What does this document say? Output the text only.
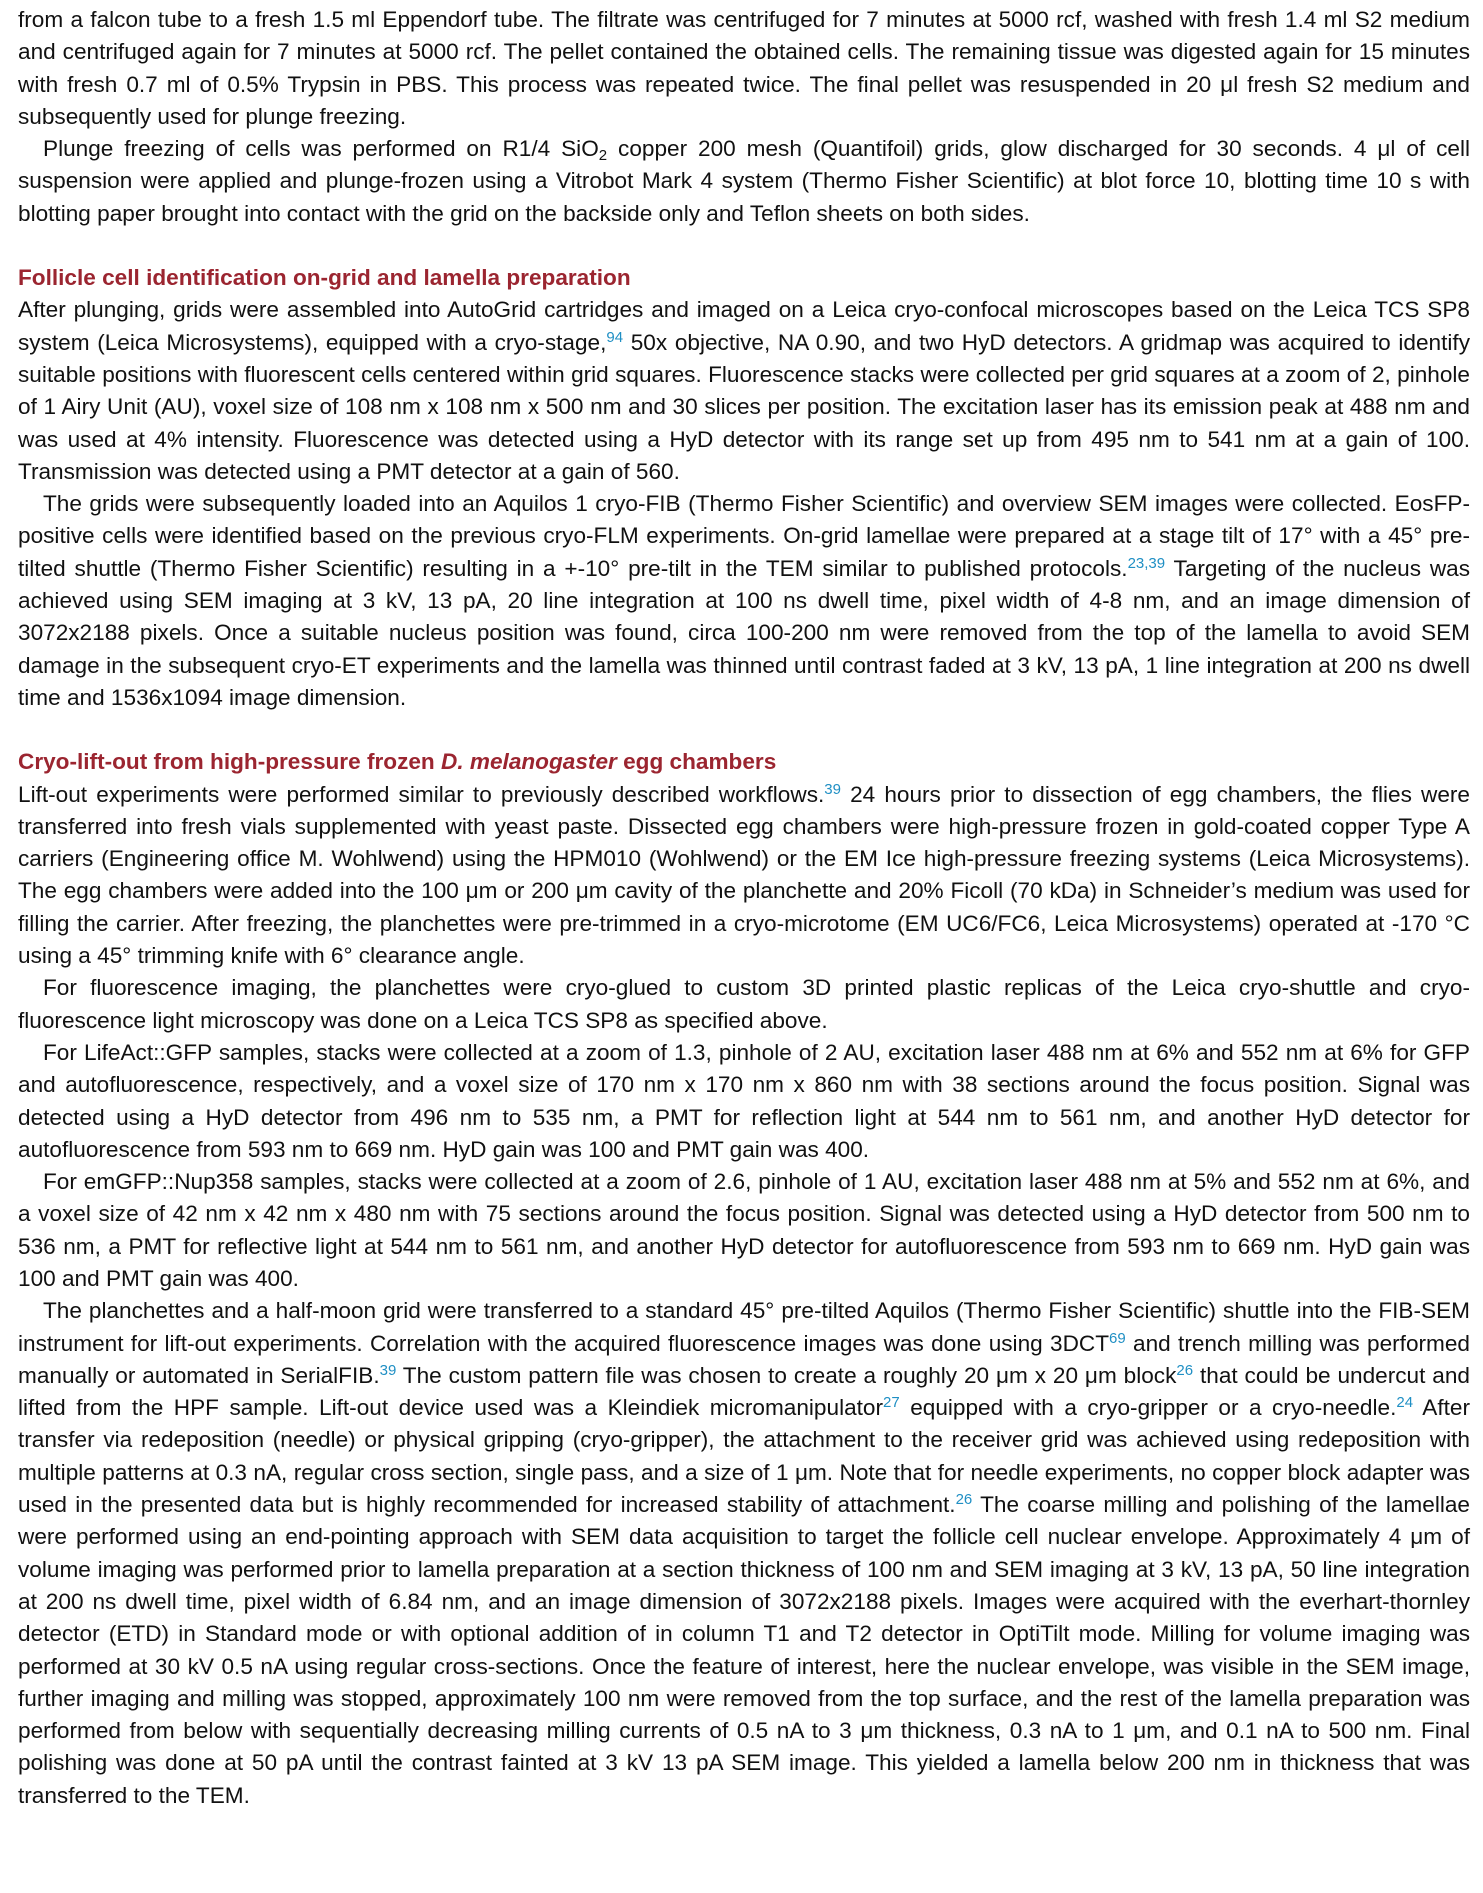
from a falcon tube to a fresh 1.5 ml Eppendorf tube. The filtrate was centrifuged for 7 minutes at 5000 rcf, washed with fresh 1.4 ml S2 medium and centrifuged again for 7 minutes at 5000 rcf. The pellet contained the obtained cells. The remaining tissue was digested again for 15 minutes with fresh 0.7 ml of 0.5% Trypsin in PBS. This process was repeated twice. The final pellet was resuspended in 20 μl fresh S2 medium and subsequently used for plunge freezing.

Plunge freezing of cells was performed on R1/4 SiO$_2$ copper 200 mesh (Quantifoil) grids, glow discharged for 30 seconds. 4 μl of cell suspension were applied and plunge-frozen using a Vitrobot Mark 4 system (Thermo Fisher Scientific) at blot force 10, blotting time 10 s with blotting paper brought into contact with the grid on the backside only and Teflon sheets on both sides.

Follicle cell identification on-grid and lamella preparation

After plunging, grids were assembled into AutoGrid cartridges and imaged on a Leica cryo-confocal microscopes based on the Leica TCS SP8 system (Leica Microsystems), equipped with a cryo-stage,$^{94}$ 50x objective, NA 0.90, and two HyD detectors. A gridmap was acquired to identify suitable positions with fluorescent cells centered within grid squares. Fluorescence stacks were collected per grid squares at a zoom of 2, pinhole of 1 Airy Unit (AU), voxel size of 108 nm x 108 nm x 500 nm and 30 slices per position. The excitation laser has its emission peak at 488 nm and was used at 4% intensity. Fluorescence was detected using a HyD detector with its range set up from 495 nm to 541 nm at a gain of 100. Transmission was detected using a PMT detector at a gain of 560.

The grids were subsequently loaded into an Aquilos 1 cryo-FIB (Thermo Fisher Scientific) and overview SEM images were collected. EosFP-positive cells were identified based on the previous cryo-FLM experiments. On-grid lamellae were prepared at a stage tilt of 17° with a 45° pre-tilted shuttle (Thermo Fisher Scientific) resulting in a +-10° pre-tilt in the TEM similar to published protocols.$^{23,39}$ Targeting of the nucleus was achieved using SEM imaging at 3 kV, 13 pA, 20 line integration at 100 ns dwell time, pixel width of 4-8 nm, and an image dimension of 3072x2188 pixels. Once a suitable nucleus position was found, circa 100-200 nm were removed from the top of the lamella to avoid SEM damage in the subsequent cryo-ET experiments and the lamella was thinned until contrast faded at 3 kV, 13 pA, 1 line integration at 200 ns dwell time and 1536x1094 image dimension.

Cryo-lift-out from high-pressure frozen D. melanogaster egg chambers

Lift-out experiments were performed similar to previously described workflows.$^{39}$ 24 hours prior to dissection of egg chambers, the flies were transferred into fresh vials supplemented with yeast paste. Dissected egg chambers were high-pressure frozen in gold-coated copper Type A carriers (Engineering office M. Wohlwend) using the HPM010 (Wohlwend) or the EM Ice high-pressure freezing systems (Leica Microsystems). The egg chambers were added into the 100 μm or 200 μm cavity of the planchette and 20% Ficoll (70 kDa) in Schneider’s medium was used for filling the carrier. After freezing, the planchettes were pre-trimmed in a cryo-microtome (EM UC6/FC6, Leica Microsystems) operated at -170 °C using a 45° trimming knife with 6° clearance angle.

For fluorescence imaging, the planchettes were cryo-glued to custom 3D printed plastic replicas of the Leica cryo-shuttle and cryo-fluorescence light microscopy was done on a Leica TCS SP8 as specified above.

For LifeAct::GFP samples, stacks were collected at a zoom of 1.3, pinhole of 2 AU, excitation laser 488 nm at 6% and 552 nm at 6% for GFP and autofluorescence, respectively, and a voxel size of 170 nm x 170 nm x 860 nm with 38 sections around the focus position. Signal was detected using a HyD detector from 496 nm to 535 nm, a PMT for reflection light at 544 nm to 561 nm, and another HyD detector for autofluorescence from 593 nm to 669 nm. HyD gain was 100 and PMT gain was 400.

For emGFP::Nup358 samples, stacks were collected at a zoom of 2.6, pinhole of 1 AU, excitation laser 488 nm at 5% and 552 nm at 6%, and a voxel size of 42 nm x 42 nm x 480 nm with 75 sections around the focus position. Signal was detected using a HyD detector from 500 nm to 536 nm, a PMT for reflective light at 544 nm to 561 nm, and another HyD detector for autofluorescence from 593 nm to 669 nm. HyD gain was 100 and PMT gain was 400.

The planchettes and a half-moon grid were transferred to a standard 45° pre-tilted Aquilos (Thermo Fisher Scientific) shuttle into the FIB-SEM instrument for lift-out experiments. Correlation with the acquired fluorescence images was done using 3DCT$^{69}$ and trench milling was performed manually or automated in SerialFIB.$^{39}$ The custom pattern file was chosen to create a roughly 20 μm x 20 μm block$^{26}$ that could be undercut and lifted from the HPF sample. Lift-out device used was a Kleindiek micromanipulator$^{27}$ equipped with a cryo-gripper or a cryo-needle.$^{24}$ After transfer via redeposition (needle) or physical gripping (cryo-gripper), the attachment to the receiver grid was achieved using redeposition with multiple patterns at 0.3 nA, regular cross section, single pass, and a size of 1 μm. Note that for needle experiments, no copper block adapter was used in the presented data but is highly recommended for increased stability of attachment.$^{26}$ The coarse milling and polishing of the lamellae were performed using an end-pointing approach with SEM data acquisition to target the follicle cell nuclear envelope. Approximately 4 μm of volume imaging was performed prior to lamella preparation at a section thickness of 100 nm and SEM imaging at 3 kV, 13 pA, 50 line integration at 200 ns dwell time, pixel width of 6.84 nm, and an image dimension of 3072x2188 pixels. Images were acquired with the everhart-thornley detector (ETD) in Standard mode or with optional addition of in column T1 and T2 detector in OptiTilt mode. Milling for volume imaging was performed at 30 kV 0.5 nA using regular cross-sections. Once the feature of interest, here the nuclear envelope, was visible in the SEM image, further imaging and milling was stopped, approximately 100 nm were removed from the top surface, and the rest of the lamella preparation was performed from below with sequentially decreasing milling currents of 0.5 nA to 3 μm thickness, 0.3 nA to 1 μm, and 0.1 nA to 500 nm. Final polishing was done at 50 pA until the contrast fainted at 3 kV 13 pA SEM image. This yielded a lamella below 200 nm in thickness that was transferred to the TEM.
